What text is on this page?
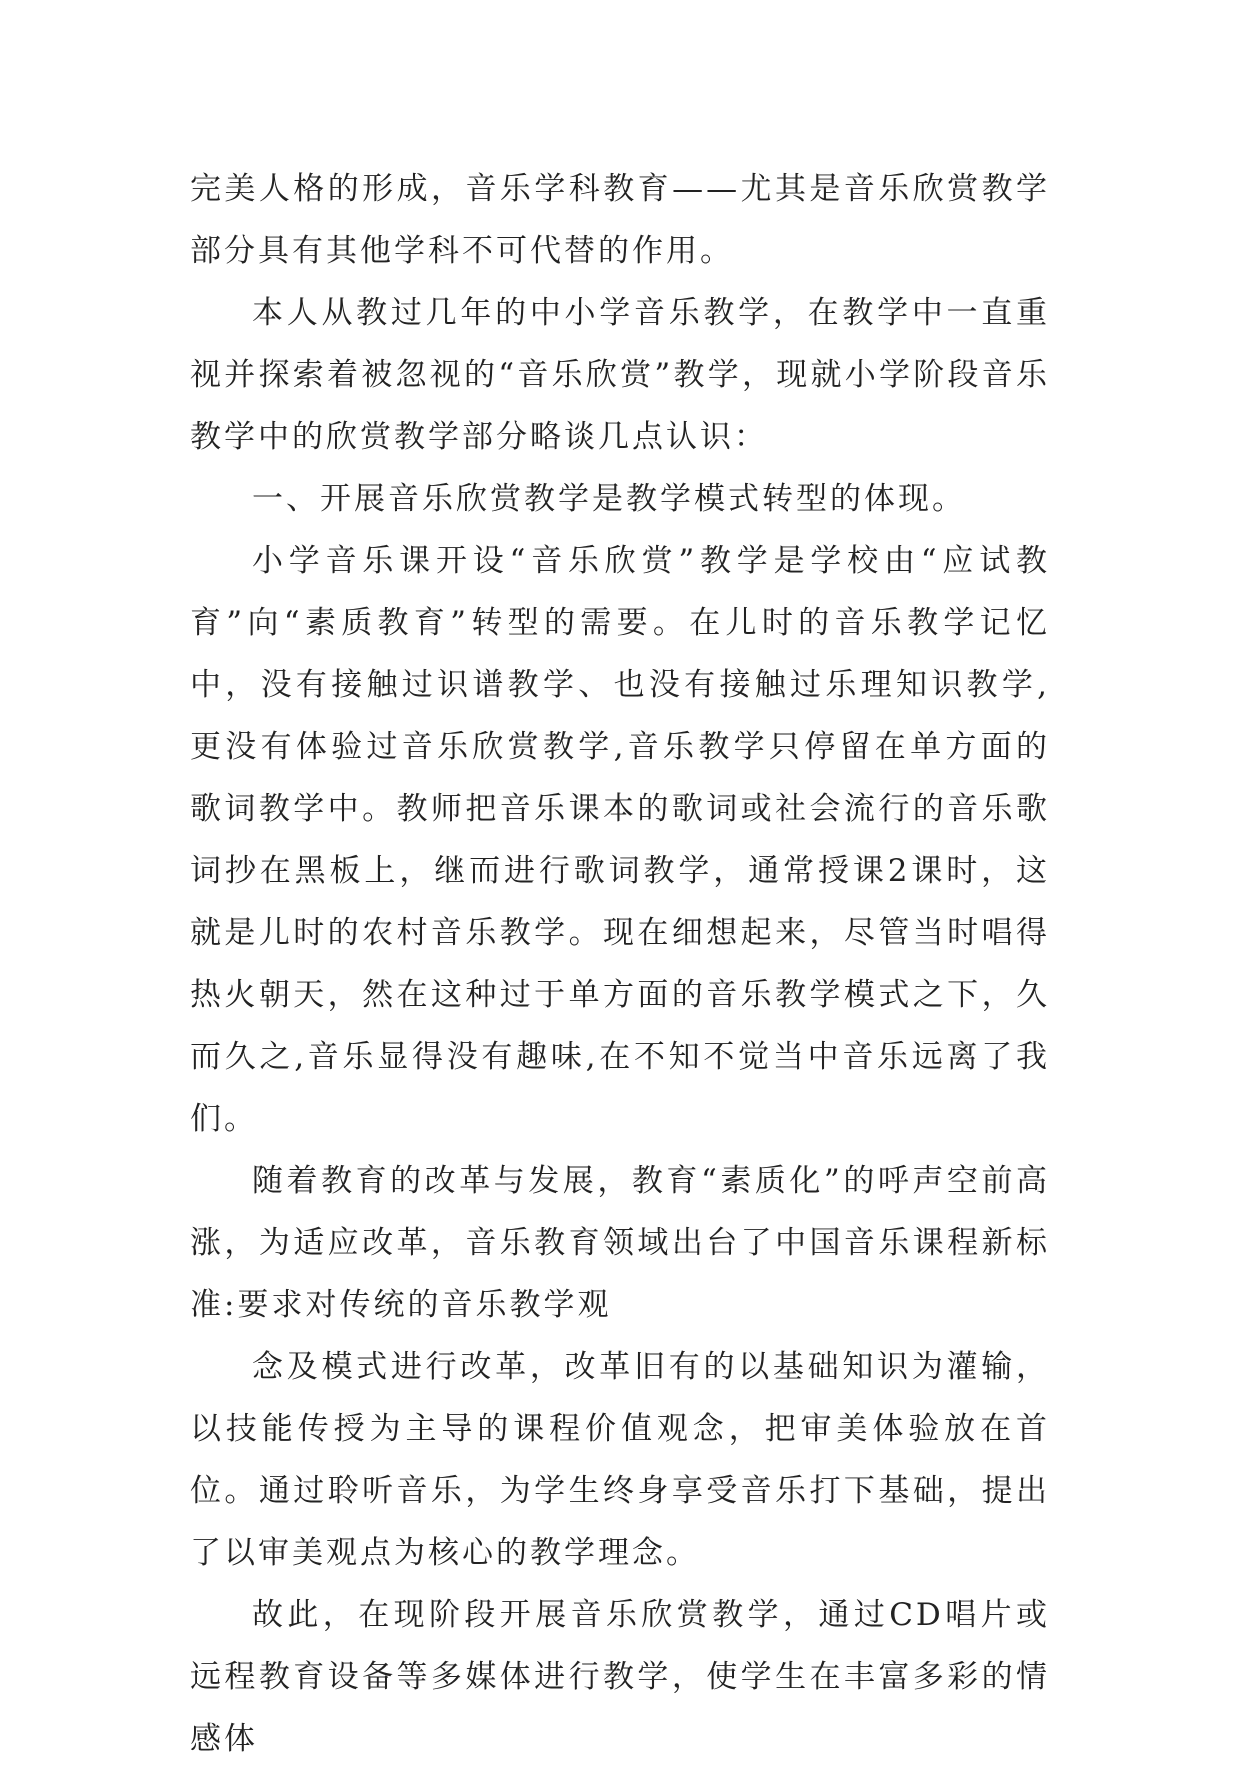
完美人格的形成，音乐学科教育——尤其是音乐欣赏教学部分具有其他学科不可代替的作用。

本人从教过几年的中小学音乐教学，在教学中一直重视并探索着被忽视的“音乐欣赏”教学，现就小学阶段音乐教学中的欣赏教学部分略谈几点认识：

一、开展音乐欣赏教学是教学模式转型的体现。

小学音乐课开设“音乐欣赏”教学是学校由“应试教育”向“素质教育”转型的需要。在儿时的音乐教学记忆中，没有接触过识谱教学、也没有接触过乐理知识教学,更没有体验过音乐欣赏教学,音乐教学只停留在单方面的歌词教学中。教师把音乐课本的歌词或社会流行的音乐歌词抄在黑板上，继而进行歌词教学，通常授课2课时，这就是儿时的农村音乐教学。现在细想起来，尽管当时唱得热火朝天，然在这种过于单方面的音乐教学模式之下，久而久之,音乐显得没有趣味,在不知不觉当中音乐远离了我们。

随着教育的改革与发展，教育“素质化”的呼声空前高涨，为适应改革，音乐教育领域出台了中国音乐课程新标准:要求对传统的音乐教学观

念及模式进行改革，改革旧有的以基础知识为灌输，以技能传授为主导的课程价值观念，把审美体验放在首位。通过聆听音乐，为学生终身享受音乐打下基础，提出了以审美观点为核心的教学理念。

故此，在现阶段开展音乐欣赏教学，通过CD唱片或远程教育设备等多媒体进行教学，使学生在丰富多彩的情感体
